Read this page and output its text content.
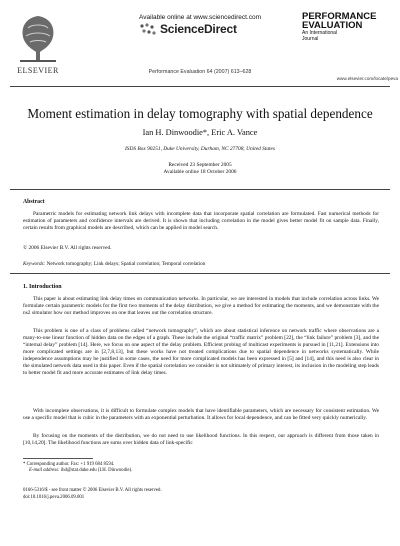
ELSEVIER
Available online at www.sciencedirect.com
ScienceDirect
Performance Evaluation 64 (2007) 613–628
PERFORMANCE
EVALUATION
An International
Journal
www.elsevier.com/locate/peva
Moment estimation in delay tomography with spatial dependence
Ian H. Dinwoodie*, Eric A. Vance
ISDS Box 90251, Duke University, Durham, NC 27708, United States
Received 23 September 2005
Available online 18 October 2006
Abstract
Parametric models for estimating network link delays with incomplete data that incorporate spatial correlation are formulated. Fast numerical methods for estimation of parameters and confidence intervals are derived. It is shown that including correlation in the model gives better model fit on sample data. Finally, certain results from graphical models are described, which can be applied in model search.
© 2006 Elsevier B.V. All rights reserved.
Keywords: Network tomography; Link delays; Spatial correlation; Temporal correlation
1. Introduction
This paper is about estimating link delay times on communication networks. In particular, we are interested in models that include correlation across links. We formulate certain parametric models for the first two moments of the delay distribution, we give a method for estimating the moments, and we demonstrate with the ns2 simulator how our method improves on one that leaves out the correlation structure.
This problem is one of a class of problems called “network tomography”, which are about statistical inference on network traffic where observations are a many-to-one linear function of hidden data on the edges of a graph. These include the original “traffic matrix” problem [22], the “link failure” problem [3], and the “internal delay” problem [14]. Here, we focus on one aspect of the delay problem. Efficient probing of multicast experiments is pursued in [11,21]. Extensions into more complicated settings are in [2,7,8,13], but these works have not treated complications due to spatial dependence in networks systematically. While independence assumptions may be justified in some cases, the need for more complicated models has been expressed in [5] and [14], and this need is also clear in the simulated network data used in this paper. Even if the spatial correlation we consider is not ultimately of primary interest, its inclusion in the modeling step leads to better model fit and more accurate estimates of link delay times.
With incomplete observations, it is difficult to formulate complex models that have identifiable parameters, which are necessary for consistent estimation. We use a specific model that is cubic in the parameters with an exponential perturbation. It allows for local dependence, and can be fitted very quickly numerically.
By focusing on the moments of the distribution, we do not need to use likelihood functions. In this respect, our approach is different from those taken in [10,14,20]. The likelihood functions are sums over hidden data of link-specific
* Corresponding author. Fax: +1 919 684 8594.
E-mail address: ihd@stat.duke.edu (I.H. Dinwoodie).
0166-5316/$ - see front matter © 2006 Elsevier B.V. All rights reserved.
doi:10.1016/j.peva.2006.09.001
